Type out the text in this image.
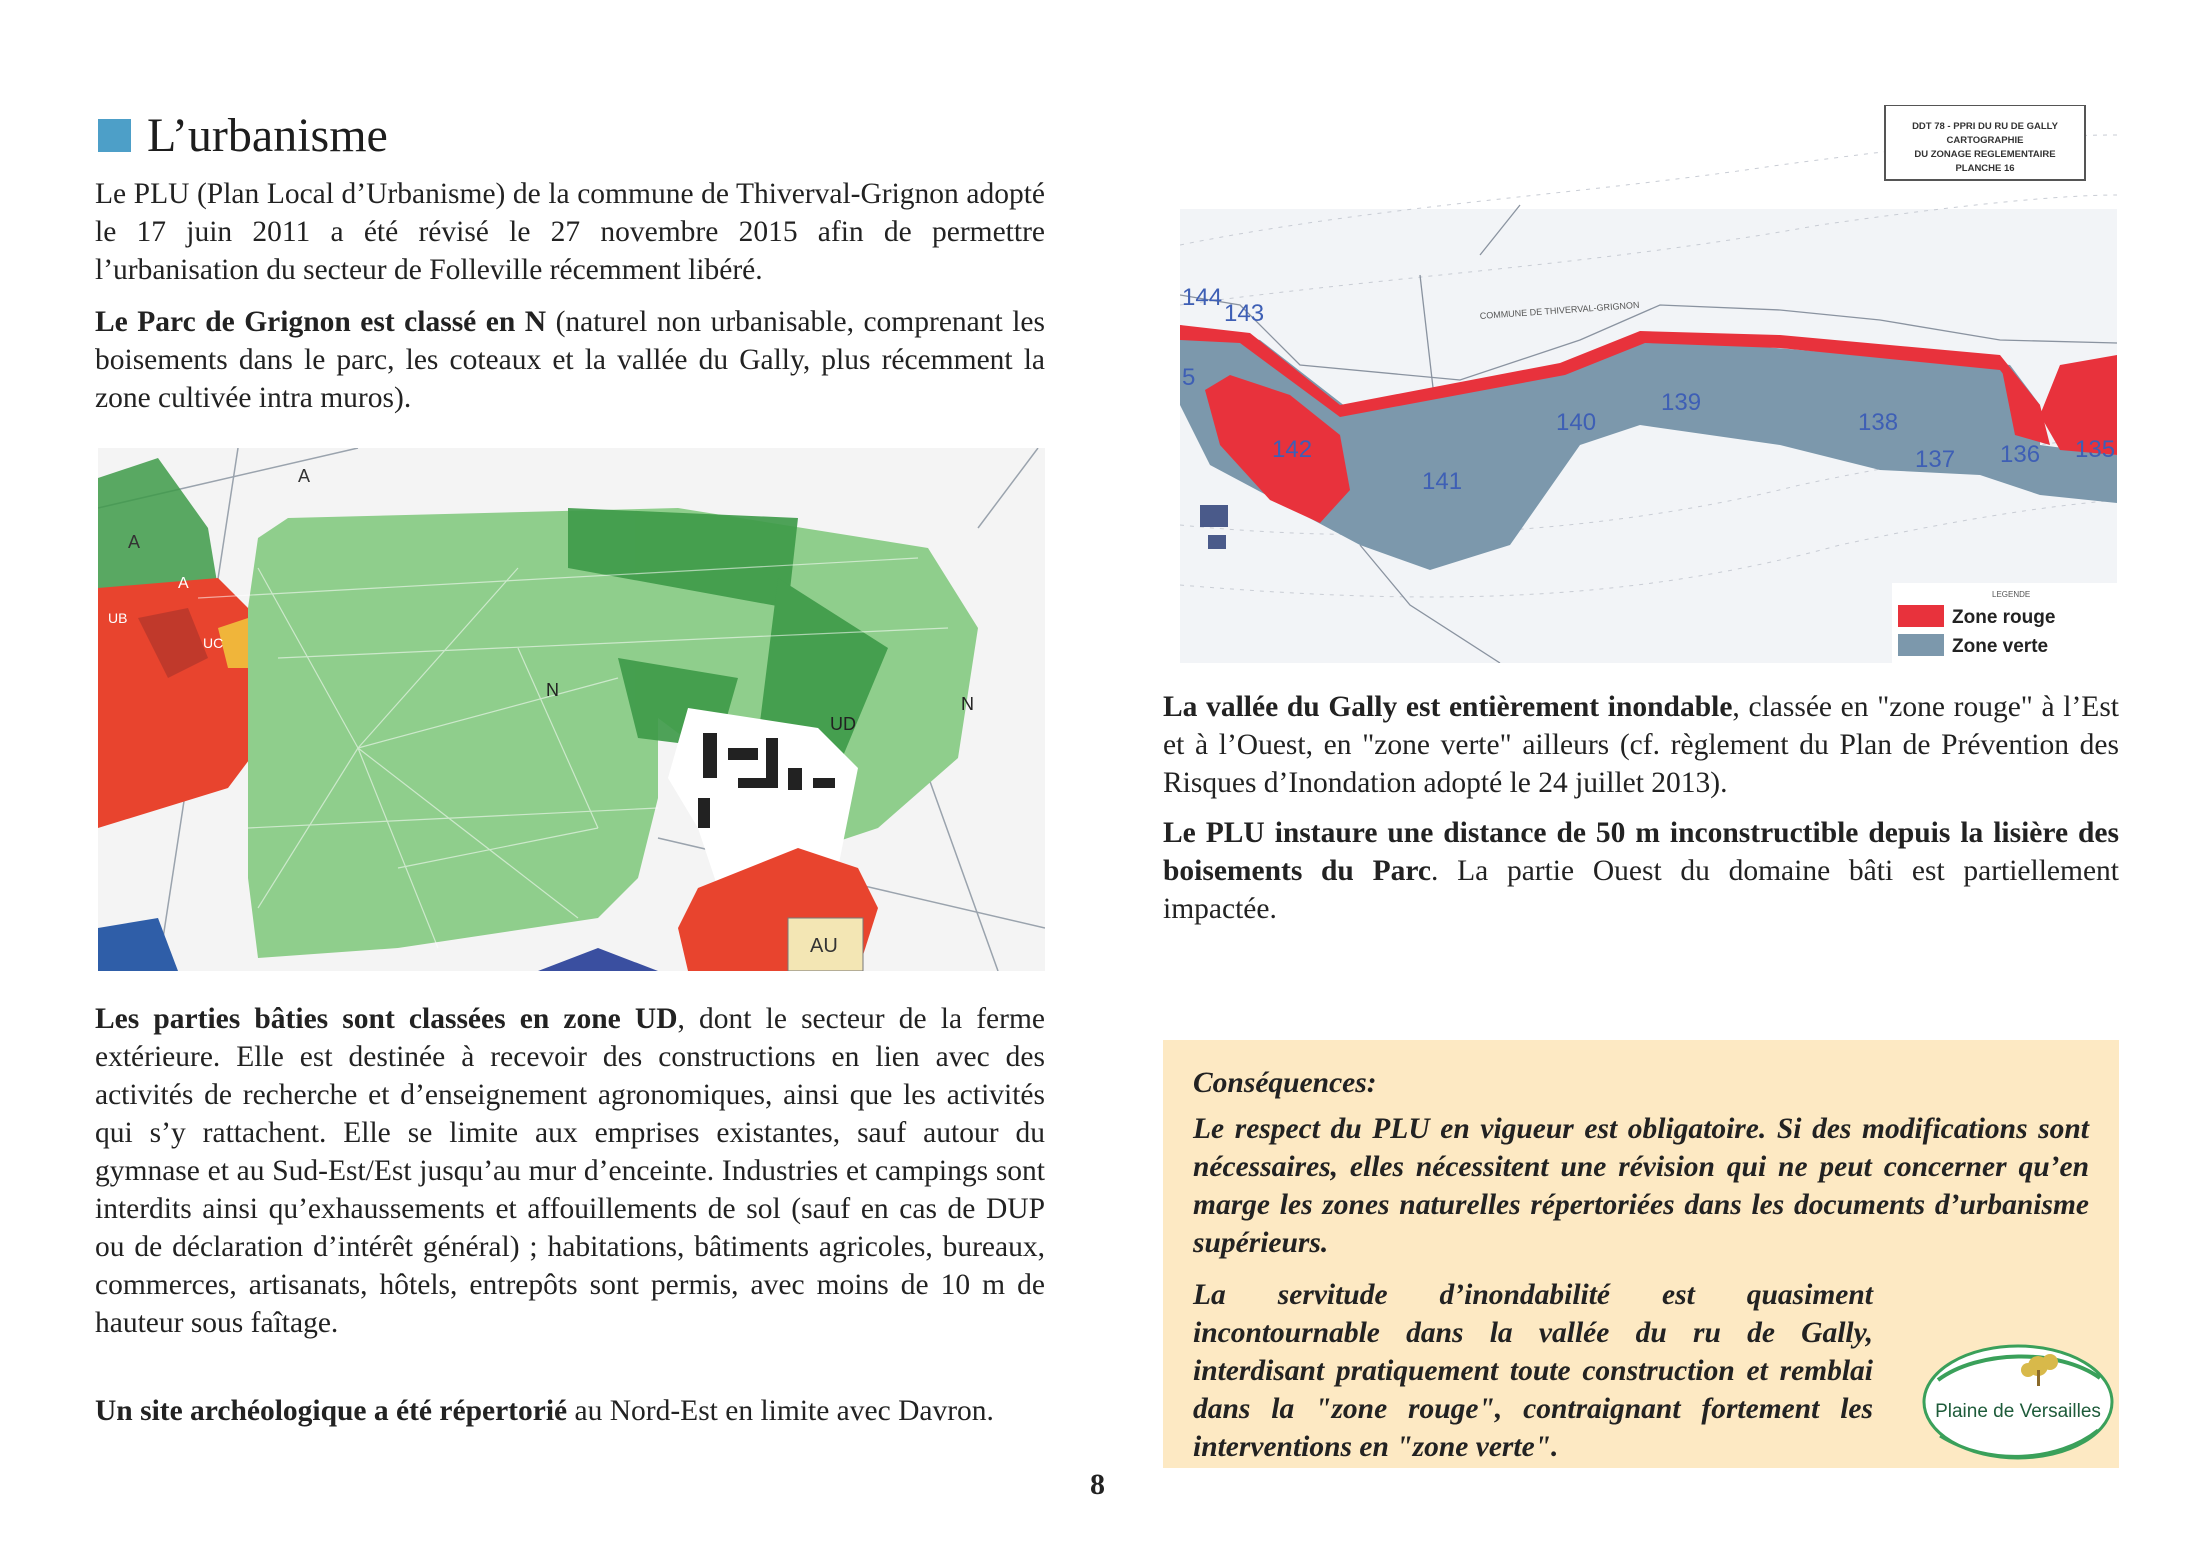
L’urbanisme

Le PLU (Plan Local d’Urbanisme) de la commune de Thiverval-Grignon adopté le 17 juin 2011 a été révisé le 27 novembre 2015 afin de permettre l’urbanisation du secteur de Folleville récemment libéré.

Le Parc de Grignon est classé en N (naturel non urbanisable, comprenant les boisements dans le parc, les coteaux et la vallée du Gally, plus récemment la zone cultivée intra muros).

A
A
A
UB
UC
N
N
UD
AU
DDT 78 - PPRI DU RU DE GALLY
CARTOGRAPHIE
DU ZONAGE REGLEMENTAIRE
PLANCHE 16
COMMUNE DE THIVERVAL-GRIGNON
144
143
5
142
141
140
139
138
137 136 135
LEGENDE
Zone rouge
Zone verte

La vallée du Gally est entièrement inondable, classée en "zone rouge" à l’Est et à l’Ouest, en "zone verte" ailleurs (cf. règlement du Plan de Prévention des Risques d’Inondation adopté le 24 juillet 2013).

Le PLU instaure une distance de 50 m inconstructible depuis la lisière des boisements du Parc. La partie Ouest du domaine bâti est partiellement impactée.

Les parties bâties sont classées en zone UD, dont le secteur de la ferme extérieure. Elle est destinée à recevoir des constructions en lien avec des activités de recherche et d’enseignement agronomiques, ainsi que les activités qui s’y rattachent. Elle se limite aux emprises existantes, sauf autour du gymnase et au Sud-Est/Est jusqu’au mur d’enceinte. Industries et campings sont interdits ainsi qu’exhaussements et affouillements de sol (sauf en cas de DUP ou de déclaration d’intérêt général) ; habitations, bâtiments agricoles, bureaux, commerces, artisanats, hôtels, entrepôts sont permis, avec moins de 10 m de hauteur sous faîtage.

Un site archéologique a été répertorié au Nord-Est en limite avec Davron.

Conséquences:

Le respect du PLU en vigueur est obligatoire. Si des modifications sont nécessaires, elles nécessitent une révision qui ne peut concerner qu’en marge les zones naturelles répertoriées dans les documents d’urbanisme supérieurs.

La servitude d’inondabilité est quasiment incontournable dans la vallée du ru de Gally, interdisant pratiquement toute construction et remblai dans la "zone rouge", contraignant fortement les interventions en "zone verte".

Plaine de Versailles
8
